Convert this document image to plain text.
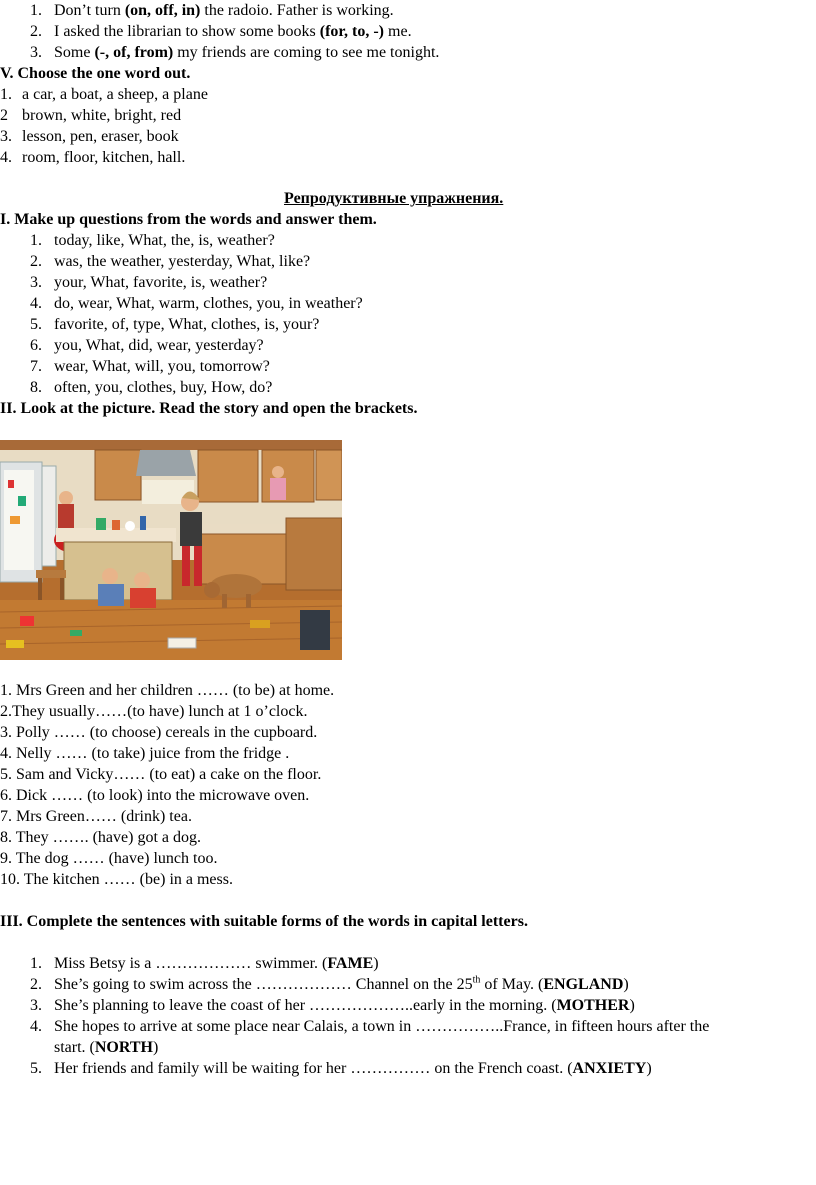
1. Don’t turn (on, off, in) the radoio. Father is working.
2. I asked the librarian to show some books (for, to, -) me.
3. Some (-, of, from) my friends are coming to see me tonight.
V. Choose the one word out.
1. a car, a boat, a sheep, a plane
2 brown, white, bright, red
3. lesson, pen, eraser, book
4. room, floor, kitchen, hall.
Репродуктивные упражнения.
I. Make up questions from the words and answer them.
1. today, like, What, the, is, weather?
2. was, the weather, yesterday, What, like?
3. your, What, favorite, is, weather?
4. do, wear, What, warm, clothes, you, in weather?
5. favorite, of, type, What, clothes, is, your?
6. you, What, did, wear, yesterday?
7. wear, What, will, you, tomorrow?
8. often, you, clothes, buy, How, do?
II. Look at the picture. Read the story and open the brackets.
1. Mrs Green and her children …… (to be) at home.
2.They usually……(to have) lunch at 1 o’clock.
3. Polly …… (to choose) cereals in the cupboard.
4. Nelly …… (to take) juice from the fridge .
5. Sam and Vicky…… (to eat) a cake on the floor.
6. Dick …… (to look) into the microwave oven.
7. Mrs Green…… (drink) tea.
8. They ……. (have) got a dog.
9. The dog …… (have) lunch too.
10. The kitchen …… (be) in a mess.
III. Complete the sentences with suitable forms of the words in capital letters.
1. Miss Betsy is a ……………… swimmer. (FAME)
2. She’s going to swim across the ……………… Channel on the 25th of May. (ENGLAND)
3. She’s planning to leave the coast of her ………………..early in the morning. (MOTHER)
4. She hopes to arrive at some place near Calais, a town in ……………..France, in fifteen hours after the
start. (NORTH)
5. Her friends and family will be waiting for her …………… on the French coast. (ANXIETY)
